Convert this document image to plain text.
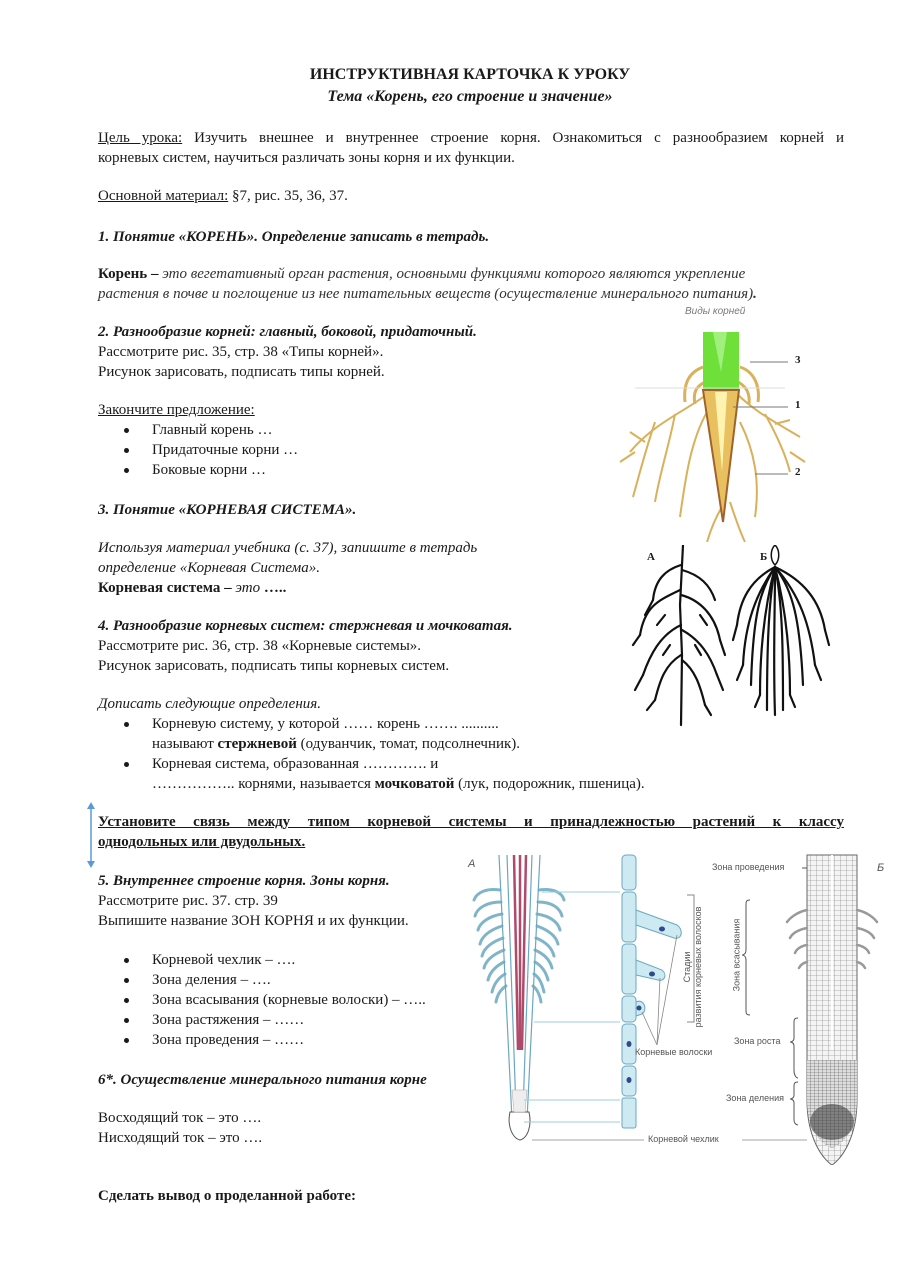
ИНСТРУКТИВНАЯ КАРТОЧКА К УРОКУ
Тема «Корень, его строение и значение»
Цель урока: Изучить внешнее и внутреннее строение корня. Ознакомиться с разнообразием корней и
корневых систем, научиться различать зоны корня и их функции.
Основной материал: §7, рис. 35, 36, 37.
1. Понятие «КОРЕНЬ». Определение записать в тетрадь.
Корень – это вегетативный орган растения, основными функциями которого являются укрепление
растения в почве и поглощение из нее питательных веществ (осуществление минерального питания).
2. Разнообразие корней: главный, боковой, придаточный.
Рассмотрите рис. 35, стр. 38 «Типы корней».
Рисунок зарисовать, подписать типы корней.
Закончите предложение:
Главный корень …
Придаточные корни …
Боковые корни …
Виды корней
3
1
2
3. Понятие «КОРНЕВАЯ СИСТЕМА».
Используя материал учебника (с. 37), запишите в тетрадь
определение «Корневая Система».
Корневая система – это …..
А	Б
4. Разнообразие корневых систем: стержневая и мочковатая.
Рассмотрите рис. 36, стр. 38 «Корневые системы».
Рисунок зарисовать, подписать типы корневых систем.
Дописать следующие определения.
Корневую систему, у которой …… корень ……. ..........
называют стержневой (одуванчик, томат, подсолнечник).
Корневая система, образованная …………. и
…………….. корнями, называется мочковатой (лук, подорожник, пшеница).
Установите связь между типом корневой системы и принадлежностью растений к классу
однодольных или двудольных.
5. Внутреннее строение корня. Зоны корня.
Рассмотрите рис. 37. стр. 39
Выпишите название ЗОН КОРНЯ и их функции.
Корневой чехлик – ….
Зона деления – ….
Зона всасывания (корневые волоски) – …..
Зона растяжения – ……
Зона проведения – ……
А	Б
Стадии развития корневых волосков
Корневые волоски
Корневой чехлик
Зона проведения
Зона всасывания
Зона роста
Зона деления
6*. Осуществление минерального питания корне
Восходящий ток – это ….
Нисходящий ток – это ….
Сделать вывод о проделанной работе:
